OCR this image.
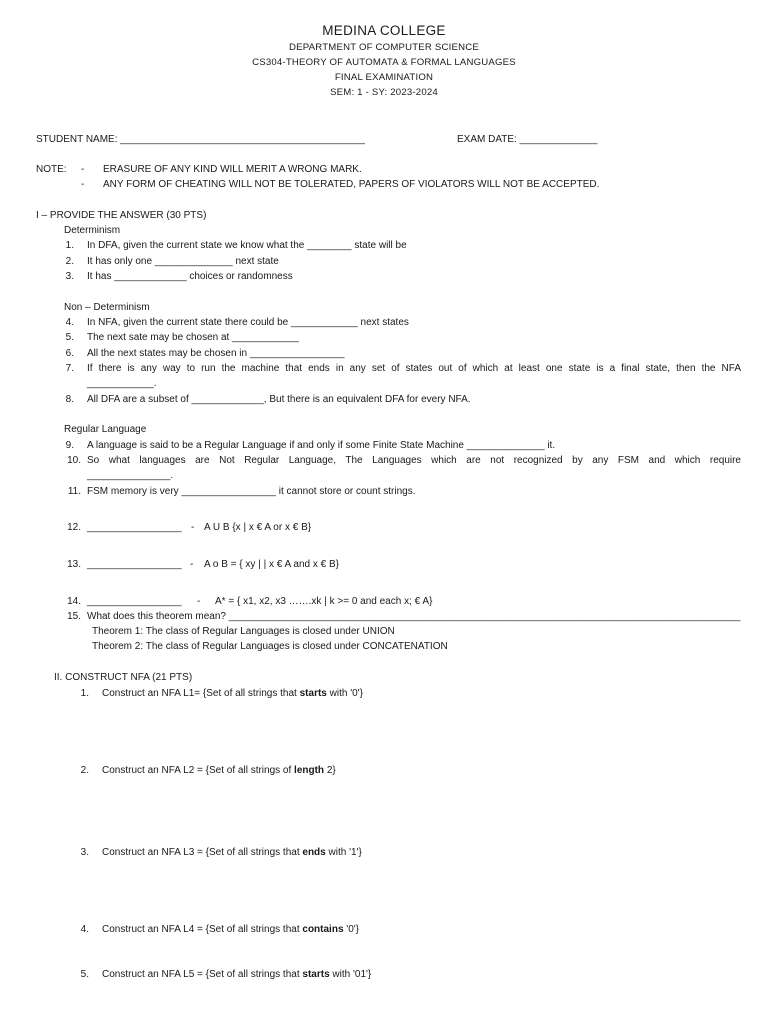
MEDINA COLLEGE
DEPARTMENT OF COMPUTER SCIENCE
CS304-THEORY OF AUTOMATA & FORMAL LANGUAGES
FINAL EXAMINATION
SEM: 1 - SY: 2023-2024
STUDENT NAME: ____________________________________________	EXAM DATE: ______________
NOTE: - ERASURE OF ANY KIND WILL MERIT A WRONG MARK.
- ANY FORM OF CHEATING WILL NOT BE TOLERATED, PAPERS OF VIOLATORS WILL NOT BE ACCEPTED.
I – PROVIDE THE ANSWER (30 PTS)
Determinism
1. In DFA, given the current state we know what the ________ state will be
2. It has only one ______________ next state
3. It has _____________ choices or randomness
Non – Determinism
4. In NFA, given the current state there could be ____________ next states
5. The next sate may be chosen at ____________
6. All the next states may be chosen in _________________
7. If there is any way to run the machine that ends in any set of states out of which at least one state is a final state, then the NFA
____________.
8. All DFA are a subset of _____________, But there is an equivalent DFA for every NFA.
Regular Language
9. A language is said to be a Regular Language if and only if some Finite State Machine ______________ it.
10. So what languages are Not Regular Language, The Languages which are not recognized by any FSM and which require
_______________.
11. FSM memory is very _________________ it cannot store or count strings.
12. _________________ - A U B {x | x € A or x € B}
13. _________________ - A o B = { xy | | x € A and x € B}
14. _________________ - A* = { x1, x2, x3 …….xk | k >= 0 and each x; € A}
15. What does this theorem mean? ____________________________________________________________________________________________
Theorem 1: The class of Regular Languages is closed under UNION
Theorem 2: The class of Regular Languages is closed under CONCATENATION
II. CONSTRUCT NFA (21 PTS)
1. Construct an NFA L1= {Set of all strings that starts with '0'}
2. Construct an NFA L2 = {Set of all strings of length 2}
3. Construct an NFA L3 = {Set of all strings that ends with '1'}
4. Construct an NFA L4 = {Set of all strings that contains '0'}
5. Construct an NFA L5 = {Set of all strings that starts with '01'}
